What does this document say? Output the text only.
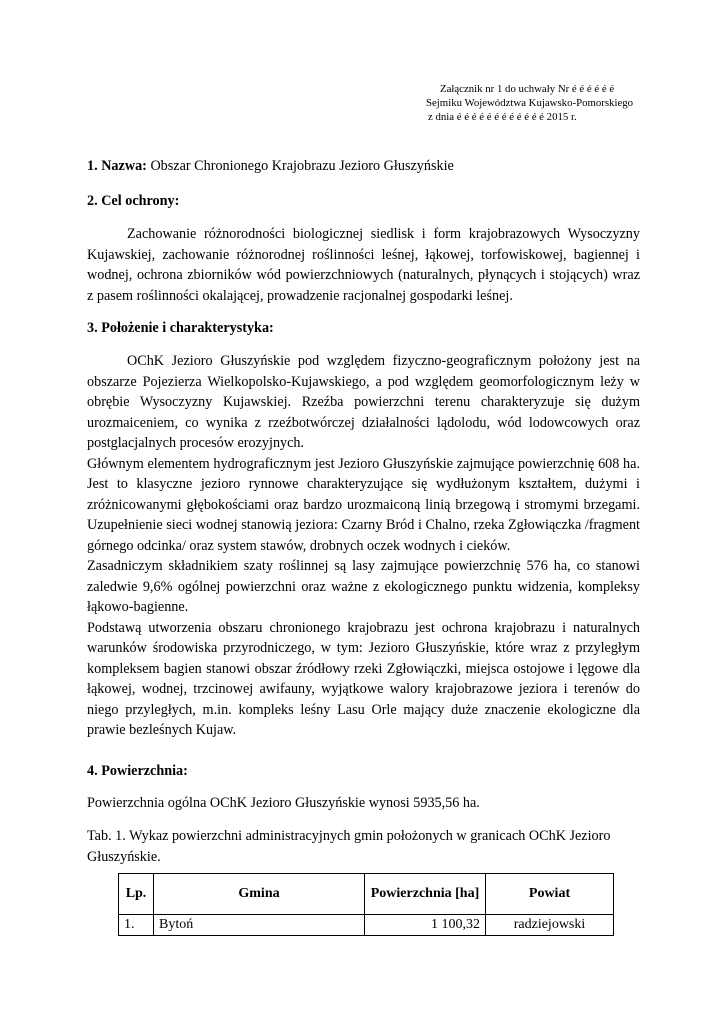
Załącznik nr 1 do uchwały Nr é é é é é é
Sejmiku Województwa Kujawsko-Pomorskiego
z dnia é é é é é é é é é é é é 2015 r.
1. Nazwa: Obszar Chronionego Krajobrazu Jezioro Głuszyńskie
2. Cel ochrony:

Zachowanie różnorodności biologicznej siedlisk i form krajobrazowych Wysoczyzny Kujawskiej, zachowanie różnorodnej roślinności leśnej, łąkowej, torfowiskowej, bagiennej i wodnej, ochrona zbiorników wód powierzchniowych (naturalnych, płynących i stojących) wraz z pasem roślinności okalającej, prowadzenie racjonalnej gospodarki leśnej.

3. Położenie i charakterystyka:

OChK Jezioro Głuszyńskie pod względem fizyczno-geograficznym położony jest na obszarze Pojezierza Wielkopolsko-Kujawskiego, a pod względem geomorfologicznym leży w obrębie Wysoczyzny Kujawskiej. Rzeźba powierzchni terenu charakteryzuje się dużym urozmaiceniem, co wynika z rzeźbotwórczej działalności lądolodu, wód lodowcowych oraz postglacjalnych procesów erozyjnych.

Głównym elementem hydrograficznym jest Jezioro Głuszyńskie zajmujące powierzchnię 608 ha. Jest to klasyczne jezioro rynnowe charakteryzujące się wydłużonym kształtem, dużymi i zróżnicowanymi głębokościami oraz bardzo urozmaiconą linią brzegową i stromymi brzegami. Uzupełnienie sieci wodnej stanowią jeziora: Czarny Bród i Chalno, rzeka Zgłowiączka /fragment górnego odcinka/ oraz system stawów, drobnych oczek wodnych i cieków.

Zasadniczym składnikiem szaty roślinnej są lasy zajmujące powierzchnię 576 ha, co stanowi zaledwie 9,6% ogólnej powierzchni oraz ważne z ekologicznego punktu widzenia, kompleksy łąkowo-bagienne.

Podstawą utworzenia obszaru chronionego krajobrazu jest ochrona krajobrazu i naturalnych warunków środowiska przyrodniczego, w tym: Jezioro Głuszyńskie, które wraz z przyległym kompleksem bagien stanowi obszar źródłowy rzeki Zgłowiączki, miejsca ostojowe i lęgowe dla łąkowej, wodnej, trzcinowej awifauny, wyjątkowe walory krajobrazowe jeziora i terenów do niego przyległych, m.in. kompleks leśny Lasu Orle mający duże znaczenie ekologiczne dla prawie bezleśnych Kujaw.

4. Powierzchnia:

Powierzchnia ogólna OChK Jezioro Głuszyńskie wynosi 5935,56 ha.

Tab. 1. Wykaz powierzchni administracyjnych gmin położonych w granicach OChK Jezioro Głuszyńskie.

Lp.	Gmina	Powierzchnia [ha]	Powiat
1.	Bytoń	1 100,32	radziejowski
